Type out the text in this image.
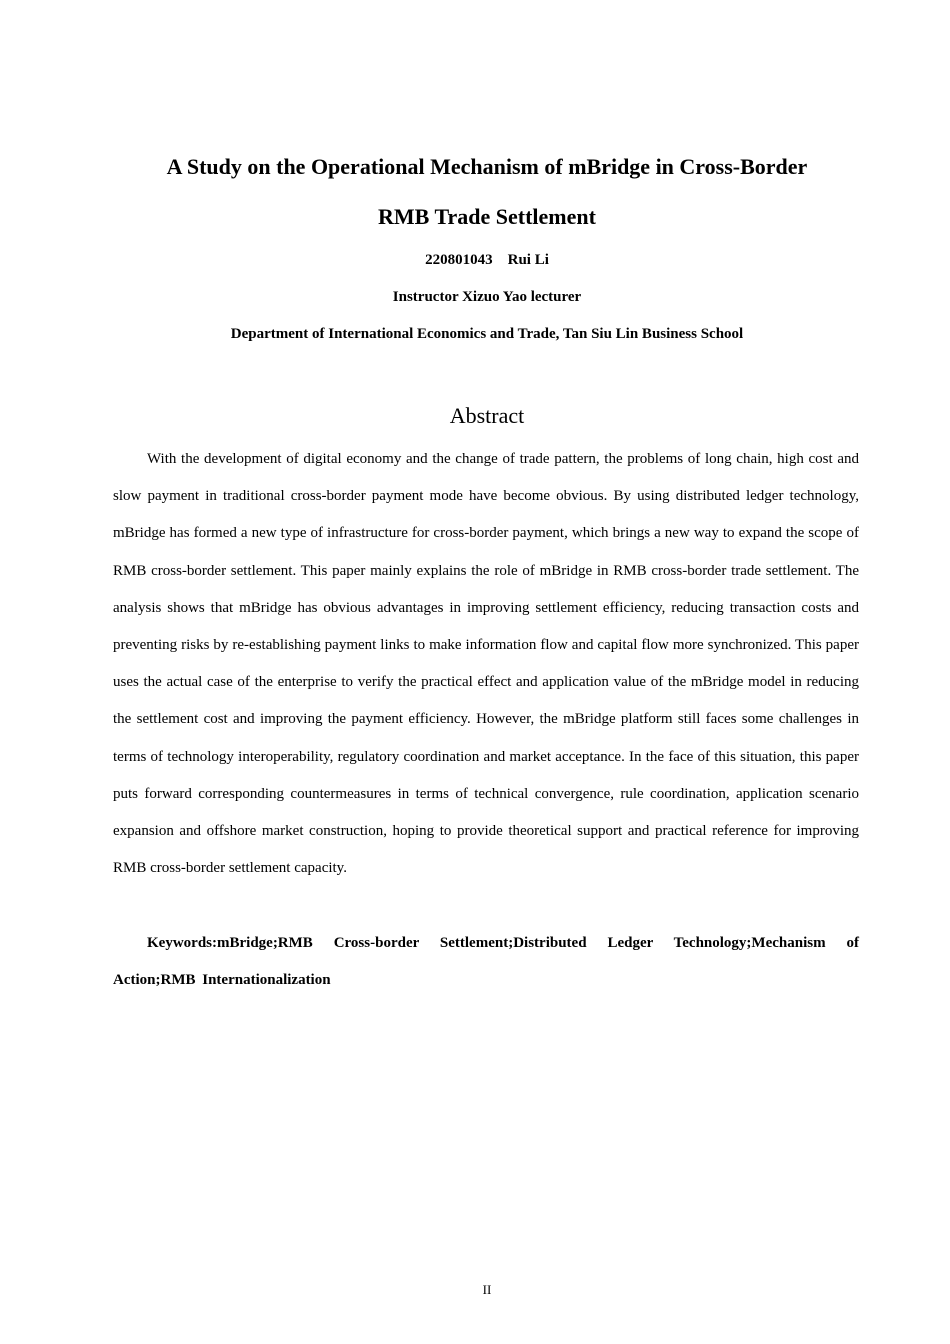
A Study on the Operational Mechanism of mBridge in Cross-Border
RMB Trade Settlement

220801043    Rui Li

Instructor Xizuo Yao lecturer

Department of International Economics and Trade, Tan Siu Lin Business School

Abstract

With the development of digital economy and the change of trade pattern, the problems of long chain, high cost and slow payment in traditional cross-border payment mode have become obvious. By using distributed ledger technology, mBridge has formed a new type of infrastructure for cross-border payment, which brings a new way to expand the scope of RMB cross-border settlement. This paper mainly explains the role of mBridge in RMB cross-border trade settlement. The analysis shows that mBridge has obvious advantages in improving settlement efficiency, reducing transaction costs and preventing risks by re-establishing payment links to make information flow and capital flow more synchronized. This paper uses the actual case of the enterprise to verify the practical effect and application value of the mBridge model in reducing the settlement cost and improving the payment efficiency. However, the mBridge platform still faces some challenges in terms of technology interoperability, regulatory coordination and market acceptance. In the face of this situation, this paper puts forward corresponding countermeasures in terms of technical convergence, rule coordination, application scenario expansion and offshore market construction, hoping to provide theoretical support and practical reference for improving RMB cross-border settlement capacity.

Keywords:mBridge;RMB Cross-border Settlement;Distributed Ledger Technology;Mechanism of Action;RMB Internationalization

II
